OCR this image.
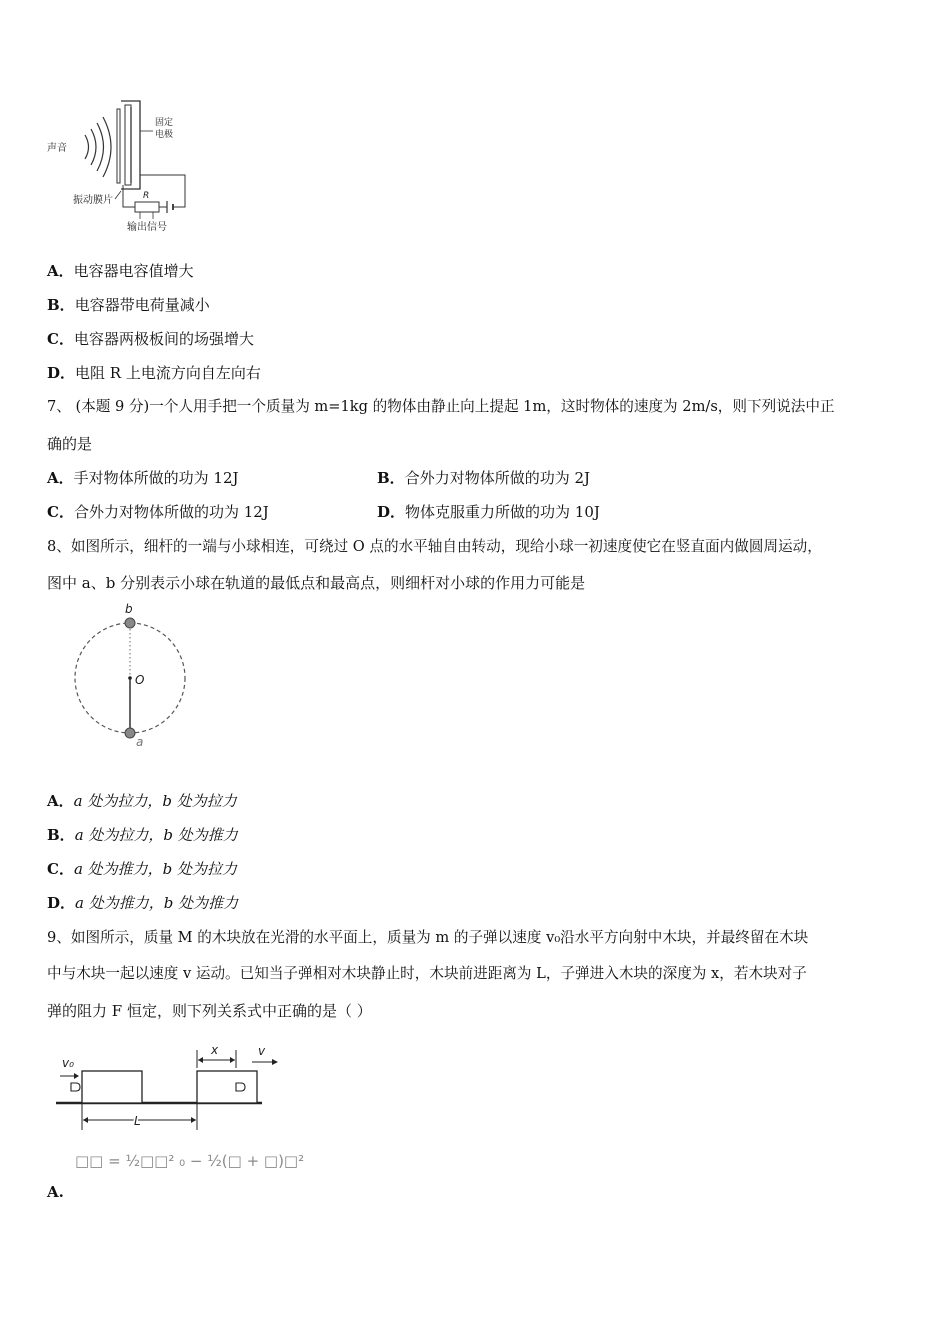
声音
固定
电极
R
振动膜片
输出信号
A．电容器电容值增大
B．电容器带电荷量减小
C．电容器两极板间的场强增大
D．电阻 R 上电流方向自左向右
7、 (本题 9 分)一个人用手把一个质量为 m=1kg 的物体由静止向上提起 1m，这时物体的速度为 2m/s，则下列说法中正
确的是
A．手对物体所做的功为 12J	B．合外力对物体所做的功为 2J
C．合外力对物体所做的功为 12J	D．物体克服重力所做的功为 10J
8、如图所示，细杆的一端与小球相连，可绕过 O 点的水平轴自由转动，现给小球一初速度使它在竖直面内做圆周运动，
图中 a、b 分别表示小球在轨道的最低点和最高点，则细杆对小球的作用力可能是
b
O
a
A．a 处为拉力，b 处为拉力
B．a 处为拉力，b 处为推力
C．a 处为推力，b 处为拉力
D．a 处为推力，b 处为推力
9、如图所示，质量 M 的木块放在光滑的水平面上，质量为 m 的子弹以速度 v₀沿水平方向射中木块，并最终留在木块
中与木块一起以速度 v 运动。已知当子弹相对木块静止时，木块前进距离为 L，子弹进入木块的深度为 x，若木块对子
弹的阻力 F 恒定，则下列关系式中正确的是（ ）
v₀
x	v
L
□□ = ½□□² ₀ − ½(□ + □)□²
A.
